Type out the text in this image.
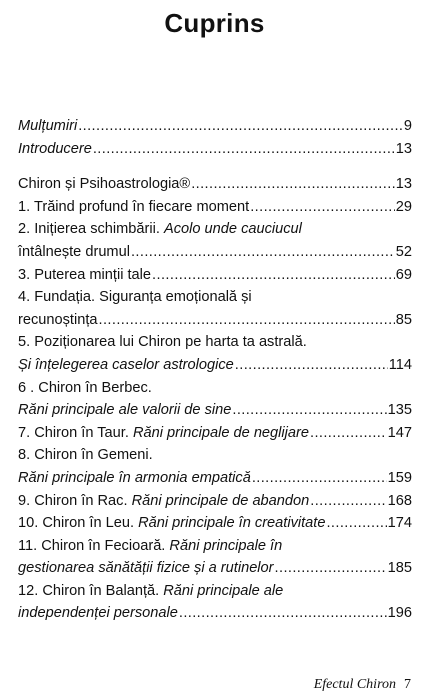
Cuprins
Mulțumiri .....	9
Introducere .....	13
Chiron și Psihoastrologia® .....	13
1. Trăind profund în fiecare moment .....	29
2. Inițierea schimbării. Acolo unde cauciucul
întâlnește drumul .....	52
3. Puterea minții tale .....	69
4. Fundația. Siguranța emoțională și
recunoștința .....	85
5. Poziționarea lui Chiron pe harta ta astrală.
Și înțelegerea caselor astrologice .....	114
6 . Chiron în Berbec.
Răni principale ale valorii de sine .....	135
7. Chiron în Taur. Răni principale de neglijare .....	147
8. Chiron în Gemeni.
Răni principale în armonia empatică .....	159
9. Chiron în Rac. Răni principale de abandon .....	168
10. Chiron în Leu. Răni principale în creativitate .....	174
11. Chiron în Fecioară. Răni principale în
gestionarea sănătății fizice și a rutinelor .....	185
12. Chiron în Balanță. Răni principale ale
independenței personale .....	196
Efectul Chiron 7
